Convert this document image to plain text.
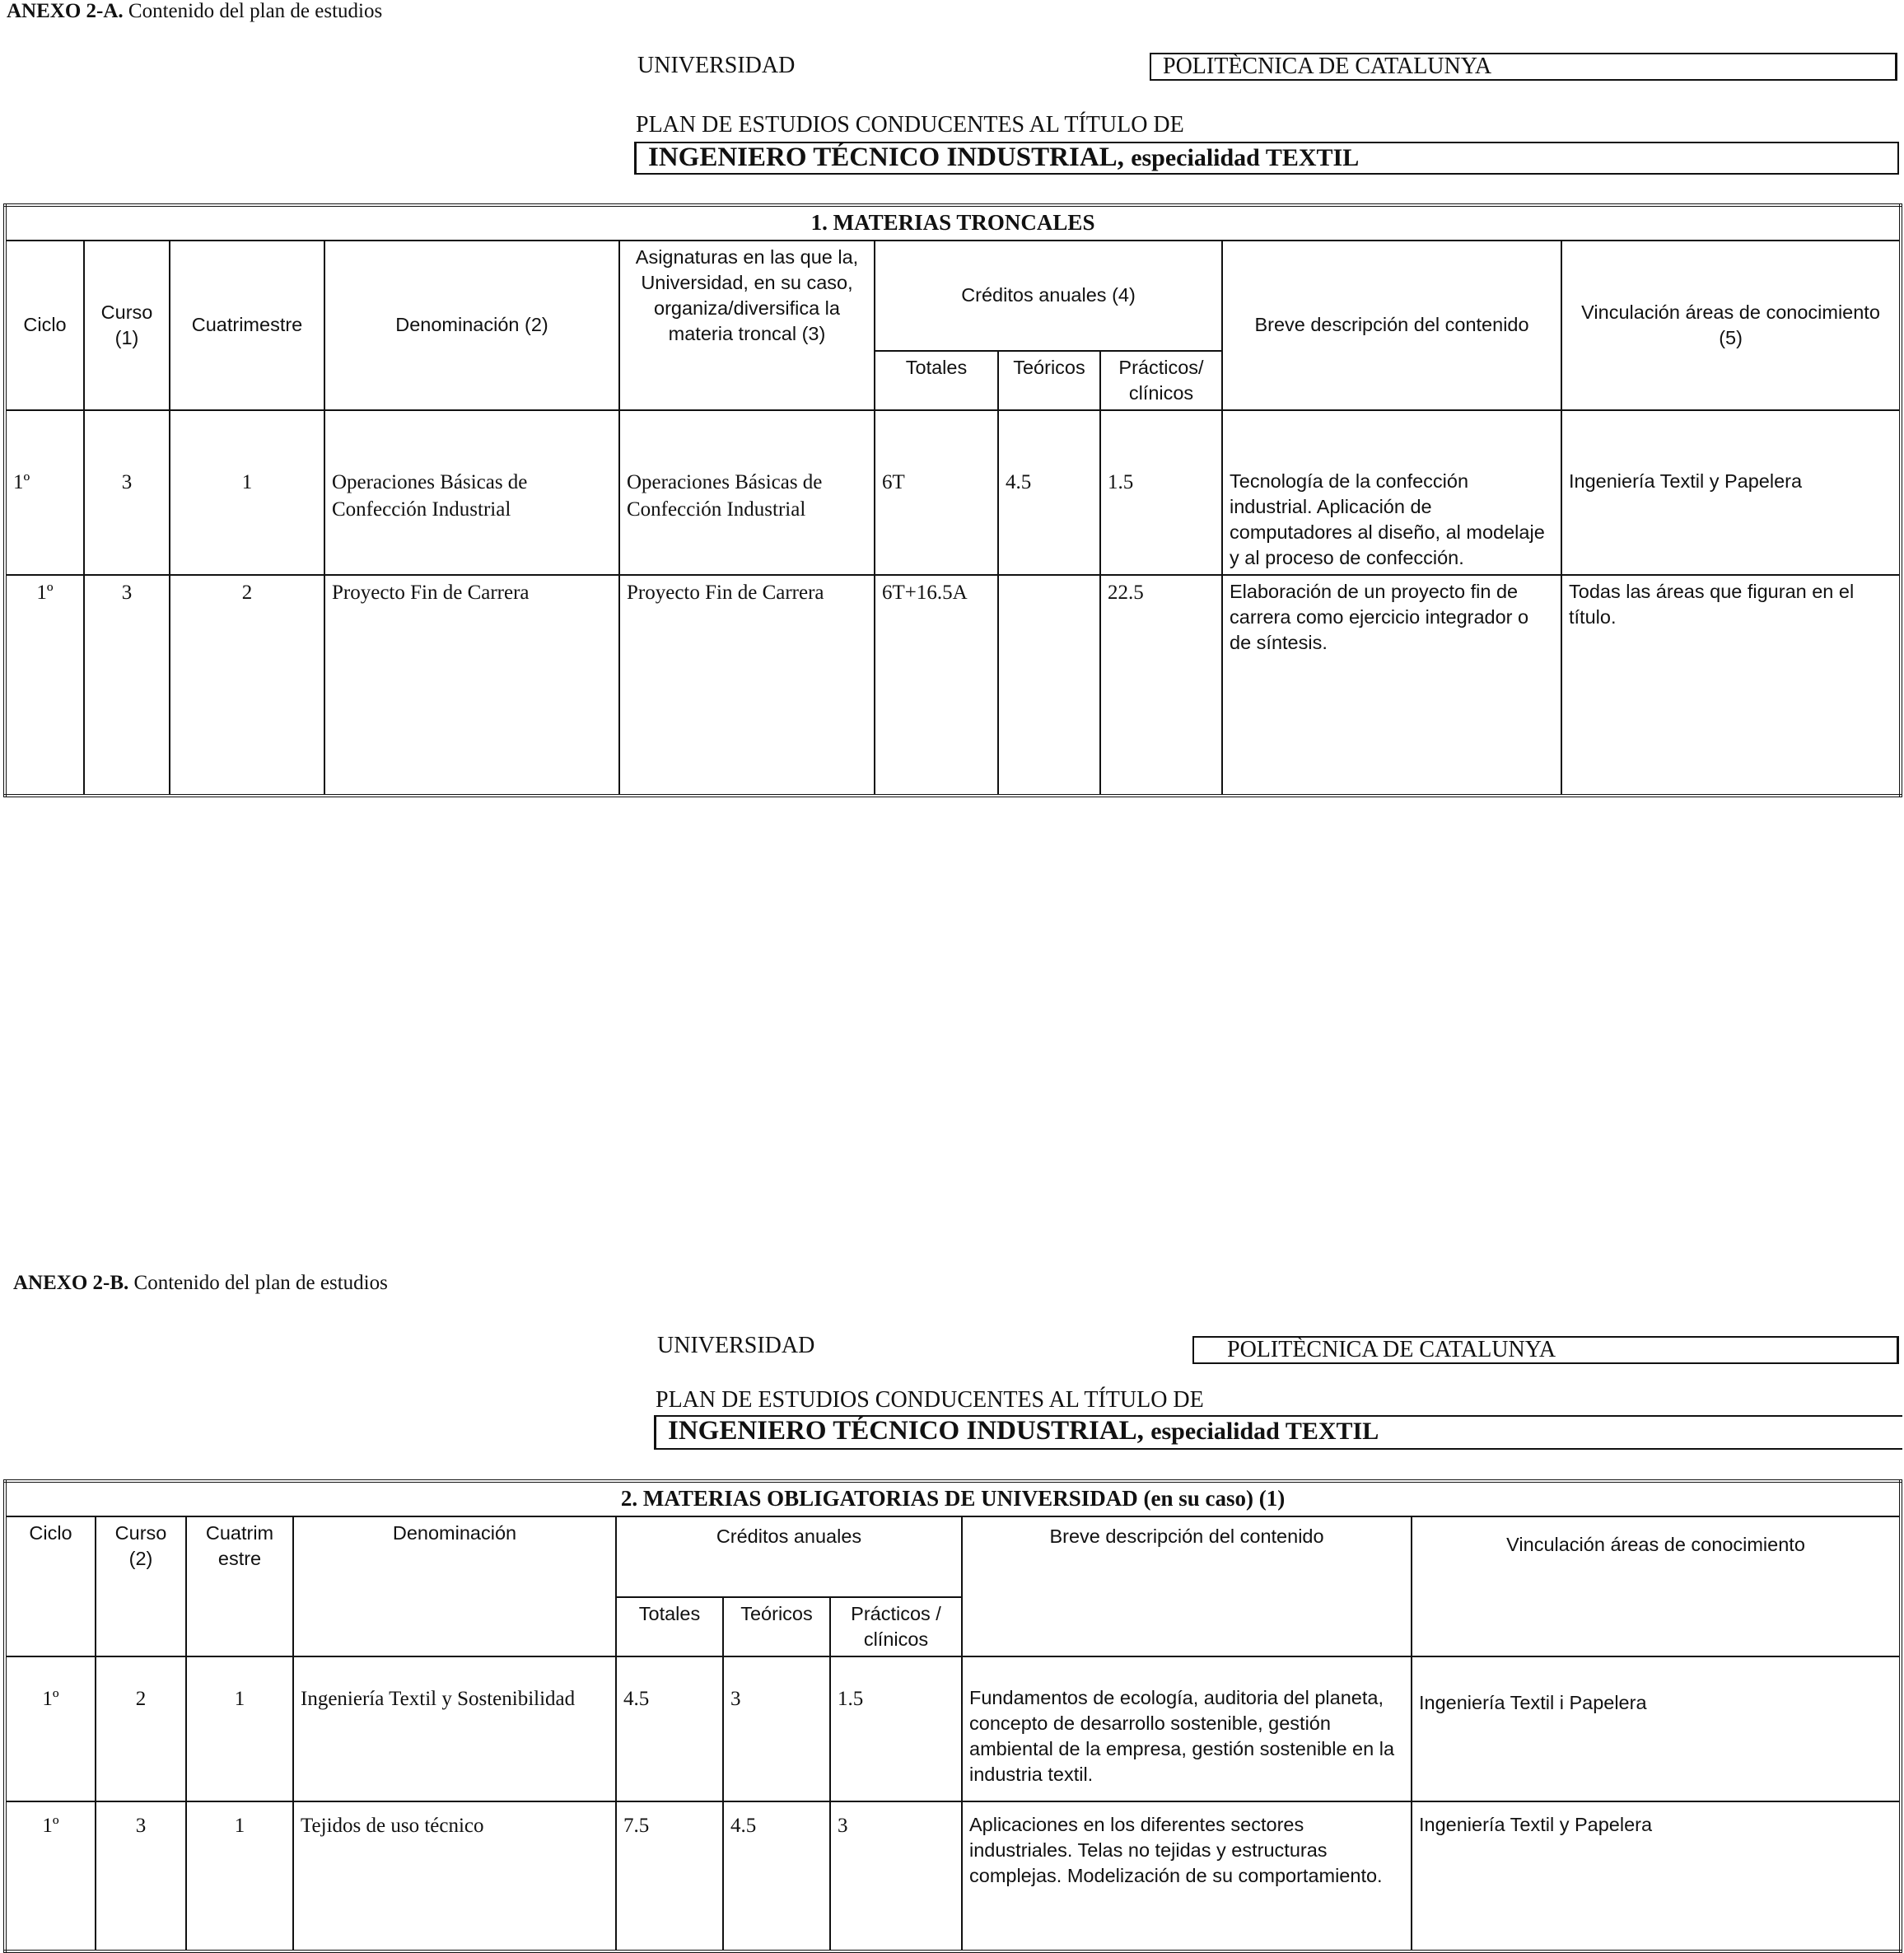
ANEXO 2-A. Contenido del plan de estudios
UNIVERSIDAD	POLITÈCNICA DE CATALUNYA
PLAN DE ESTUDIOS CONDUCENTES AL TÍTULO DE
INGENIERO TÉCNICO INDUSTRIAL, especialidad TEXTIL
1. MATERIAS TRONCALES									
Ciclo	Curso (1)	Cuatrimestre	Denominación (2)	Asignaturas en las que la, Universidad, en su caso, organiza/diversifica la materia troncal (3)	Créditos anuales (4)			Breve descripción del contenido	Vinculación áreas de conocimiento (5)
					Totales	Teóricos	Prácticos/ clínicos		
1º	3	1	Operaciones Básicas de Confección Industrial	Operaciones Básicas de Confección Industrial	6T	4.5	1.5	Tecnología de la confección industrial. Aplicación de computadores al diseño, al modelaje y al proceso de confección.	Ingeniería Textil y Papelera
1º	3	2	Proyecto Fin de Carrera	Proyecto Fin de Carrera	6T+16.5A		22.5	Elaboración de un proyecto fin de carrera como ejercicio integrador o de síntesis.	Todas las áreas que figuran en el título.
ANEXO 2-B. Contenido del plan de estudios
UNIVERSIDAD	POLITÈCNICA DE CATALUNYA
PLAN DE ESTUDIOS CONDUCENTES AL TÍTULO DE
INGENIERO TÉCNICO INDUSTRIAL, especialidad TEXTIL
2. MATERIAS OBLIGATORIAS DE UNIVERSIDAD (en su caso) (1)								
Ciclo	Curso (2)	Cuatrim estre	Denominación	Créditos anuales			Breve descripción del contenido	Vinculación áreas de conocimiento
				Totales	Teóricos	Prácticos / clínicos		
1º	2	1	Ingeniería Textil y Sostenibilidad	4.5	3	1.5	Fundamentos de ecología, auditoria del planeta, concepto de desarrollo sostenible, gestión ambiental de la empresa, gestión sostenible en la industria textil.	Ingeniería Textil i Papelera
1º	3	1	Tejidos de uso técnico	7.5	4.5	3	Aplicaciones en los diferentes sectores industriales. Telas no tejidas y estructuras complejas. Modelización de su comportamiento.	Ingeniería Textil y Papelera
